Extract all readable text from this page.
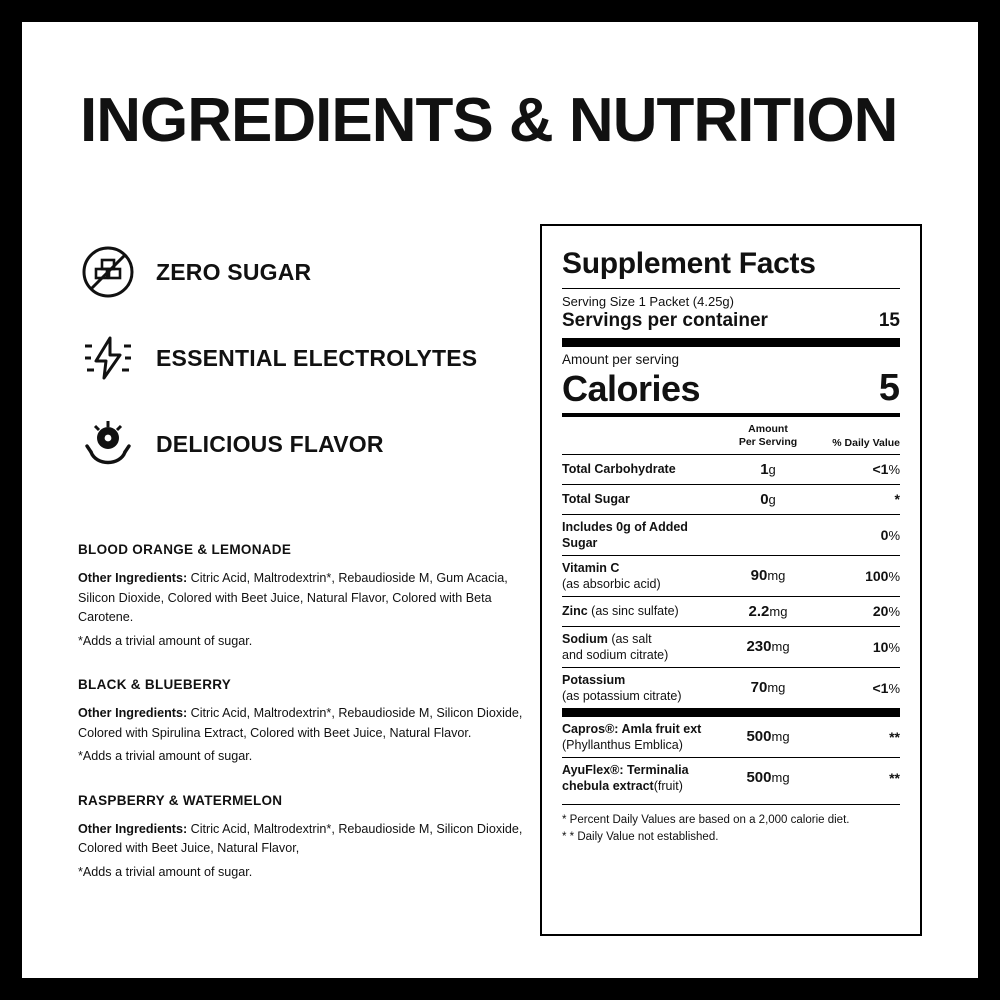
INGREDIENTS & NUTRITION
ZERO SUGAR
ESSENTIAL ELECTROLYTES
DELICIOUS FLAVOR
BLOOD ORANGE & LEMONADE
Other Ingredients: Citric Acid, Maltrodextrin*, Rebaudioside M, Gum Acacia, Silicon Dioxide, Colored with Beet Juice, Natural Flavor, Colored with Beta Carotene.
*Adds a trivial amount of sugar.
BLACK & BLUEBERRY
Other Ingredients: Citric Acid, Maltrodextrin*, Rebaudioside M, Silicon Dioxide, Colored with Spirulina Extract, Colored with Beet Juice, Natural Flavor.
*Adds a trivial amount of sugar.
RASPBERRY & WATERMELON
Other Ingredients: Citric Acid, Maltrodextrin*, Rebaudioside M, Silicon Dioxide, Colored with Beet Juice, Natural Flavor,
*Adds a trivial amount of sugar.
Supplement Facts
Serving Size 1 Packet (4.25g)
Servings per container	15
Amount per serving
Calories	5
Amount
Per Serving	% Daily Value
Total Carbohydrate	1g	<1%
Total Sugar	0g	*
Includes 0g of Added Sugar	0%
Vitamin C
(as absorbic acid)	90mg	100%
Zinc (as sinc sulfate)	2.2mg	20%
Sodium (as salt
and sodium citrate)	230mg	10%
Potassium
(as potassium citrate)	70mg	<1%
Capros®: Amla fruit ext
(Phyllanthus Emblica)	500mg	**
AyuFlex®: Terminalia
chebula extract(fruit)	500mg	**
* Percent Daily Values are based on a 2,000 calorie diet.
* * Daily Value not established.
